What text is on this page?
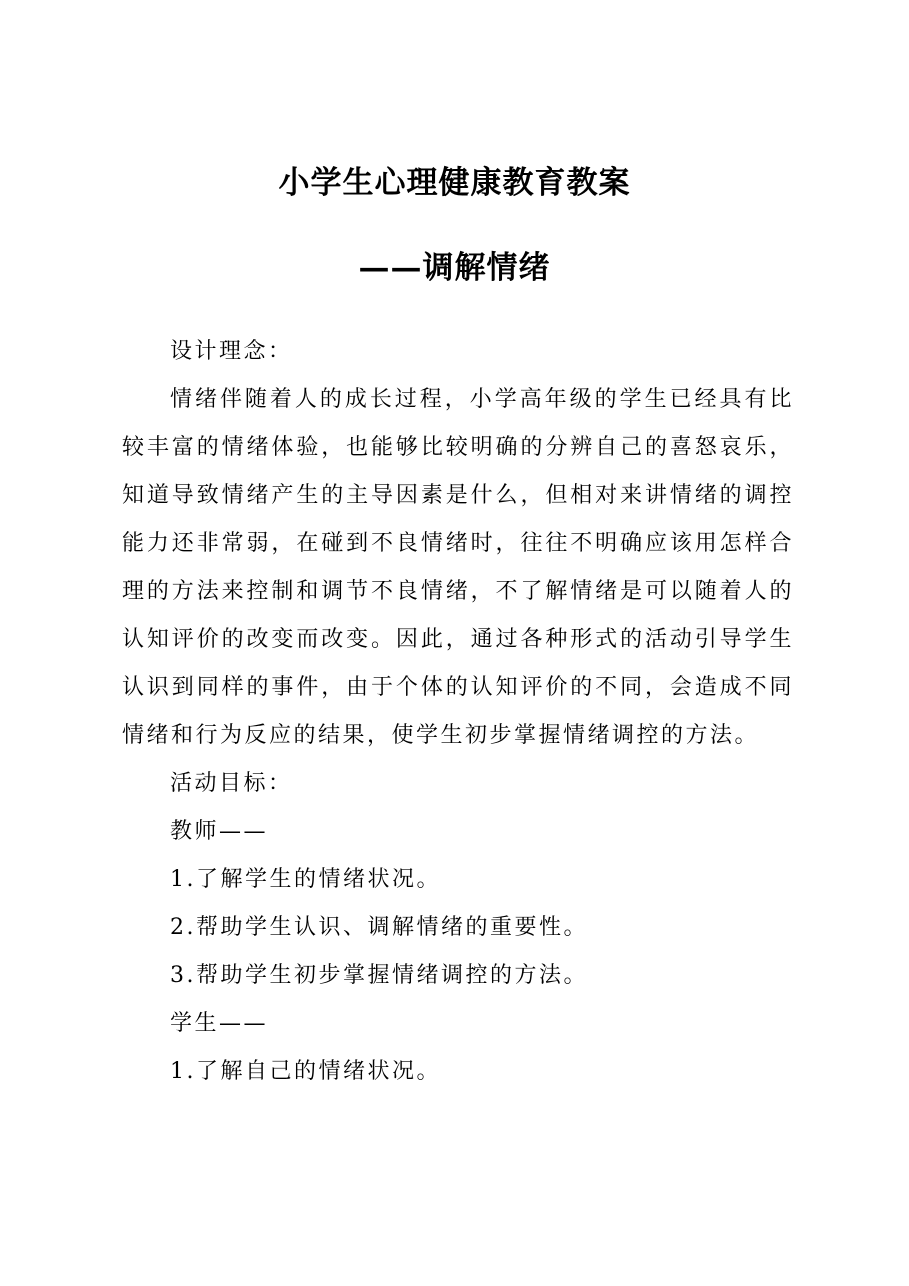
小学生心理健康教育教案
——调解情绪

设计理念：

情绪伴随着人的成长过程，小学高年级的学生已经具有比较丰富的情绪体验，也能够比较明确的分辨自己的喜怒哀乐，知道导致情绪产生的主导因素是什么，但相对来讲情绪的调控能力还非常弱，在碰到不良情绪时，往往不明确应该用怎样合理的方法来控制和调节不良情绪，不了解情绪是可以随着人的认知评价的改变而改变。因此，通过各种形式的活动引导学生认识到同样的事件，由于个体的认知评价的不同，会造成不同情绪和行为反应的结果，使学生初步掌握情绪调控的方法。

活动目标：

教师——

1.了解学生的情绪状况。

2.帮助学生认识、调解情绪的重要性。

3.帮助学生初步掌握情绪调控的方法。

学生——

1.了解自己的情绪状况。
